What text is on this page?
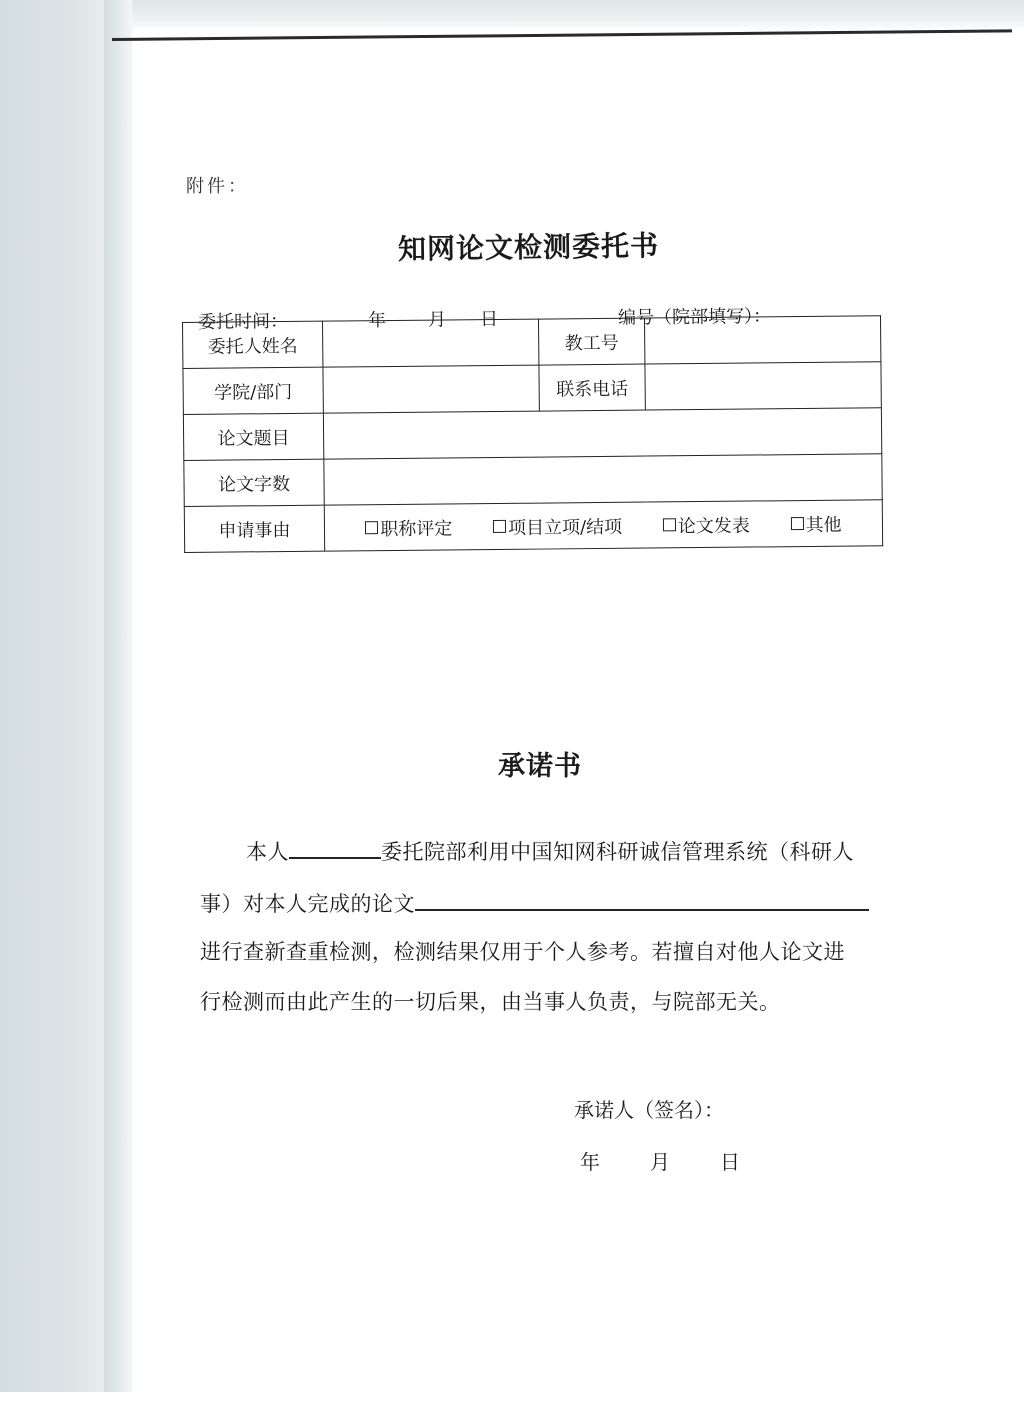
附件：
知网论文检测委托书
委托时间：	年 月 日	编号（院部填写）：
委托人姓名		教工号	
学院/部门		联系电话	
论文题目			
论文字数			
申请事由	职称评定 项目立项/结项 论文发表 其他		
承诺书
本人	委托院部利用中国知网科研诚信管理系统（科研人
事）对本人完成的论文
进行查新查重检测，检测结果仅用于个人参考。若擅自对他人论文进
行检测而由此产生的一切后果，由当事人负责，与院部无关。
承诺人（签名）：
年	月	日
